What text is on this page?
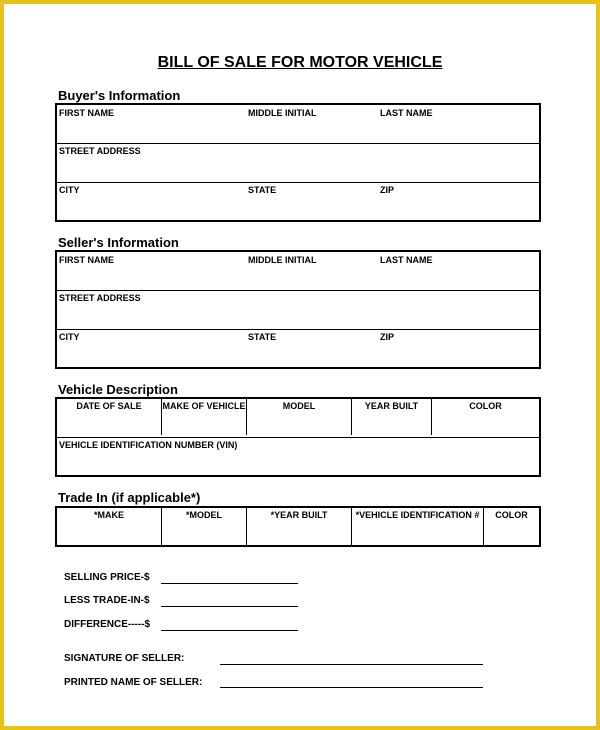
BILL OF SALE FOR MOTOR VEHICLE
Buyer's Information
FIRST NAME	MIDDLE INITIAL	LAST NAME
STREET ADDRESS
CITY	STATE	ZIP
Seller's Information
FIRST NAME	MIDDLE INITIAL	LAST NAME
STREET ADDRESS
CITY	STATE	ZIP
Vehicle Description
DATE OF SALE	MAKE OF VEHICLE	MODEL	YEAR BUILT	COLOR
VEHICLE IDENTIFICATION NUMBER (VIN)
Trade In (if applicable*)
*MAKE	*MODEL	*YEAR BUILT	*VEHICLE IDENTIFICATION #	COLOR
SELLING PRICE-$
LESS TRADE-IN-$
DIFFERENCE-----$
SIGNATURE OF SELLER:
PRINTED NAME OF SELLER:
